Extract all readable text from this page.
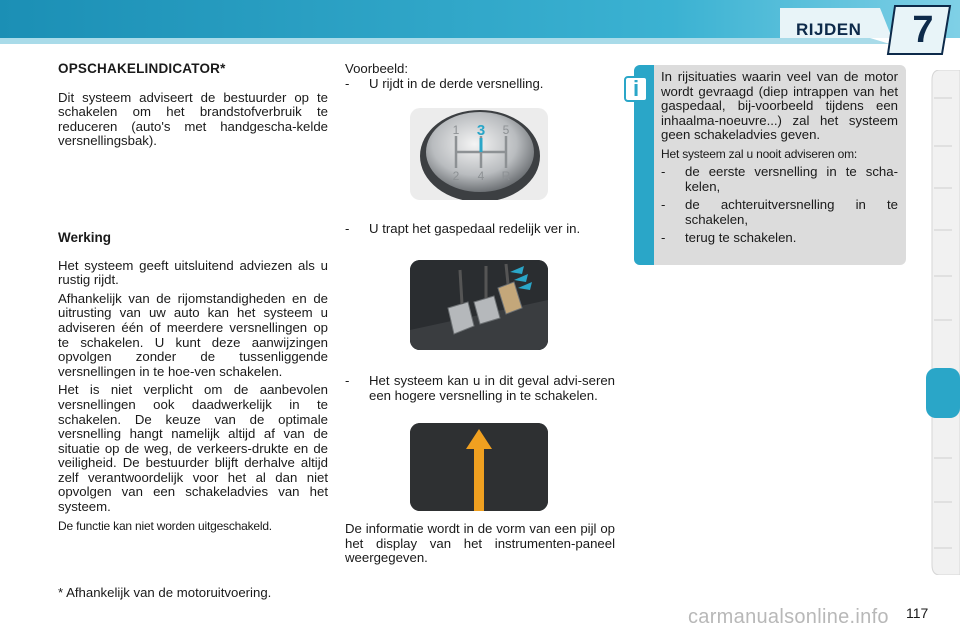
RIJDEN	7
OPSCHAKELINDICATOR*

Dit systeem adviseert de bestuurder op te schakelen om het brandstofverbruik te reduceren (auto's met handgescha-kelde versnellingsbak).

Werking

Het systeem geeft uitsluitend adviezen als u rustig rijdt.

Afhankelijk van de rijomstandigheden en de uitrusting van uw auto kan het systeem u adviseren één of meerdere versnellingen op te schakelen. U kunt deze aanwijzingen opvolgen zonder de tussenliggende versnellingen in te hoe-ven schakelen.

Het is niet verplicht om de aanbevolen versnellingen ook daadwerkelijk in te schakelen. De keuze van de optimale versnelling hangt namelijk altijd af van de situatie op de weg, de verkeers-drukte en de veiligheid. De bestuurder blijft derhalve altijd zelf verantwoordelijk voor het al dan niet opvolgen van een schakeladvies van het systeem.

De functie kan niet worden uitgeschakeld.

Voorbeeld:

-	U rijdt in de derde versnelling.
1	5
2 4 R
3
-	U trapt het gaspedaal redelijk ver in.
-	Het systeem kan u in dit geval advi-seren een hogere versnelling in te schakelen.
De informatie wordt in de vorm van een pijl op het display van het instrumenten-paneel weergegeven.
i	In rijsituaties waarin veel van de motor wordt gevraagd (diep intrappen van het gaspedaal, bij-voorbeeld tijdens een inhaalma-noeuvre...) zal het systeem geen schakeladvies geven.

Het systeem zal u nooit adviseren om:

-	de eerste versnelling in te scha-kelen,
-	de achteruitversnelling in te schakelen,
-	terug te schakelen.
* Afhankelijk van de motoruitvoering.
carmanualsonline.info 117
